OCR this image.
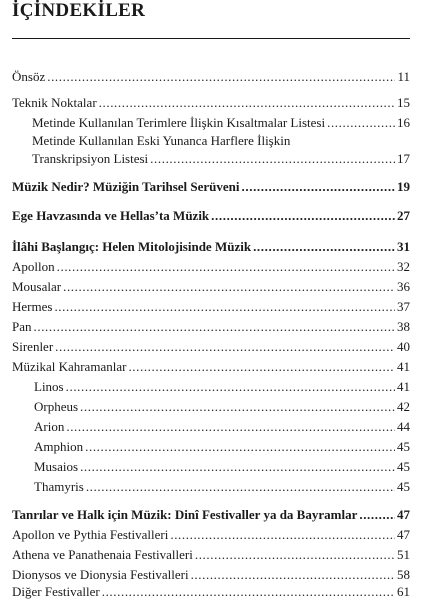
İÇİNDEKİLER
Önsöz .....	11
Teknik Noktalar .....	15
Metinde Kullanılan Terimlere İlişkin Kısaltmalar Listesi .....	16
Metinde Kullanılan Eski Yunanca Harflere İlişkin
Transkripsiyon Listesi .....	17
Müzik Nedir? Müziğin Tarihsel Serüveni .....	19
Ege Havzasında ve Hellas’ta Müzik .....	27
İlâhi Başlangıç: Helen Mitolojisinde Müzik .....	31
Apollon .....	32
Mousalar .....	36
Hermes .....	37
Pan .....	38
Sirenler .....	40
Müzikal Kahramanlar .....	41
Linos .....	41
Orpheus .....	42
Arion .....	44
Amphion .....	45
Musaios .....	45
Thamyris .....	45
Tanrılar ve Halk için Müzik: Dinî Festivaller ya da Bayramlar .....	47
Apollon ve Pythia Festivalleri .....	47
Athena ve Panathenaia Festivalleri .....	51
Dionysos ve Dionysia Festivalleri .....	58
Diğer Festivaller .....	61
